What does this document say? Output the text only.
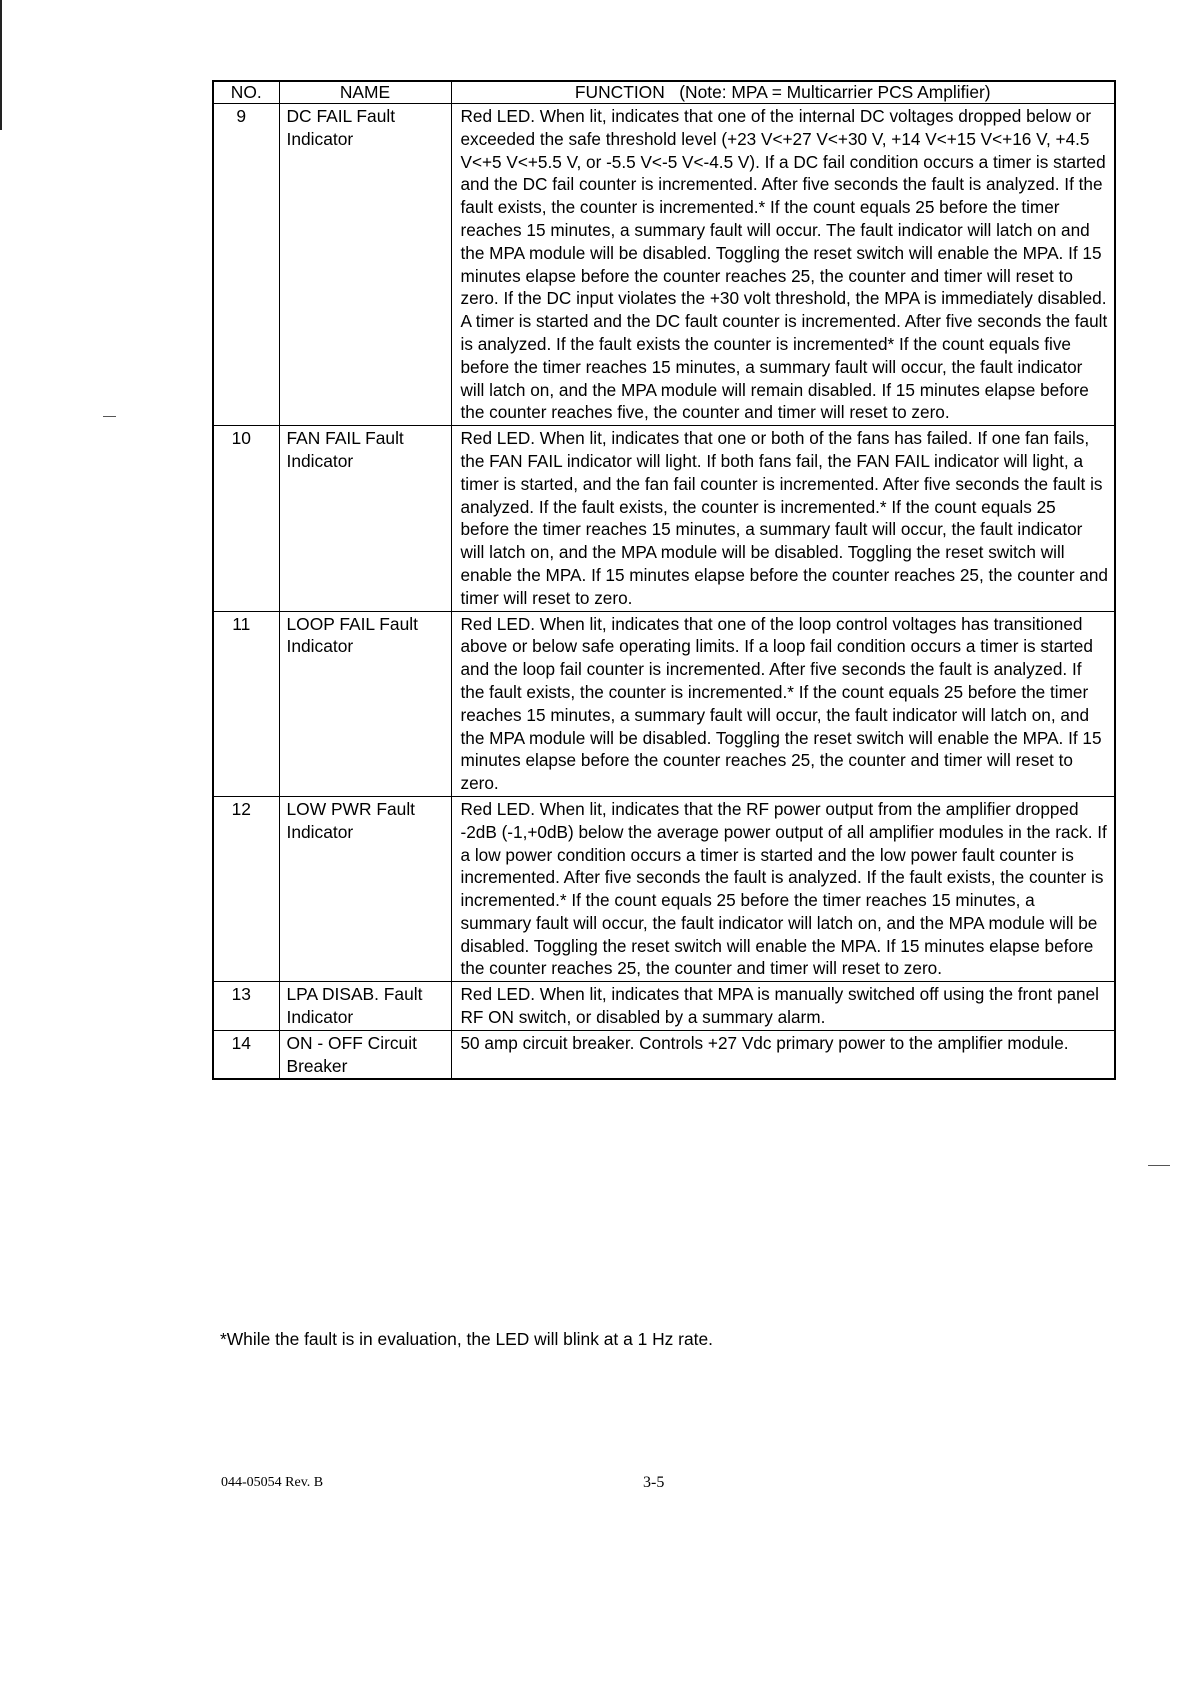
NO.	NAME	FUNCTION   (Note: MPA = Multicarrier PCS Amplifier)
9	DC FAIL Fault Indicator	Red LED. When lit, indicates that one of the internal DC voltages dropped below or exceeded the safe threshold level (+23 V<+27 V<+30 V, +14 V<+15 V<+16 V, +4.5 V<+5 V<+5.5 V, or -5.5 V<-5 V<-4.5 V). If a DC fail condition occurs a timer is started and the DC fail counter is incremented. After five seconds the fault is analyzed. If the fault exists, the counter is incremented.* If the count equals 25 before the timer reaches 15 minutes, a summary fault will occur. The fault indicator will latch on and the MPA module will be disabled. Toggling the reset switch will enable the MPA. If 15 minutes elapse before the counter reaches 25, the counter and timer will reset to zero. If the DC input violates the +30 volt threshold, the MPA is immediately disabled. A timer is started and the DC fault counter is incremented. After five seconds the fault is analyzed. If the fault exists the counter is incremented* If the count equals five before the timer reaches 15 minutes, a summary fault will occur, the fault indicator will latch on, and the MPA module will remain disabled. If 15 minutes elapse before the counter reaches five, the counter and timer will reset to zero.
10	FAN FAIL Fault Indicator	Red LED. When lit, indicates that one or both of the fans has failed. If one fan fails, the FAN FAIL indicator will light. If both fans fail, the FAN FAIL indicator will light, a timer is started, and the fan fail counter is incremented. After five seconds the fault is analyzed. If the fault exists, the counter is incremented.* If the count equals 25 before the timer reaches 15 minutes, a summary fault will occur, the fault indicator will latch on, and the MPA module will be disabled. Toggling the reset switch will enable the MPA. If 15 minutes elapse before the counter reaches 25, the counter and timer will reset to zero.
11	LOOP FAIL Fault Indicator	Red LED. When lit, indicates that one of the loop control voltages has transitioned above or below safe operating limits. If a loop fail condition occurs a timer is started and the loop fail counter is incremented. After five seconds the fault is analyzed. If the fault exists, the counter is incremented.* If the count equals 25 before the timer reaches 15 minutes, a summary fault will occur, the fault indicator will latch on, and the MPA module will be disabled. Toggling the reset switch will enable the MPA. If 15 minutes elapse before the counter reaches 25, the counter and timer will reset to zero.
12	LOW PWR Fault Indicator	Red LED. When lit, indicates that the RF power output from the amplifier dropped -2dB (-1,+0dB) below the average power output of all amplifier modules in the rack. If a low power condition occurs a timer is started and the low power fault counter is incremented. After five seconds the fault is analyzed. If the fault exists, the counter is incremented.* If the count equals 25 before the timer reaches 15 minutes, a summary fault will occur, the fault indicator will latch on, and the MPA module will be disabled. Toggling the reset switch will enable the MPA. If 15 minutes elapse before the counter reaches 25, the counter and timer will reset to zero.
13	LPA DISAB. Fault Indicator	Red LED. When lit, indicates that MPA is manually switched off using the front panel RF ON switch, or disabled by a summary alarm.
14	ON - OFF Circuit Breaker	50 amp circuit breaker. Controls +27 Vdc primary power to the amplifier module.
*While the fault is in evaluation, the LED will blink at a 1 Hz rate.
044-05054 Rev. B	3-5
